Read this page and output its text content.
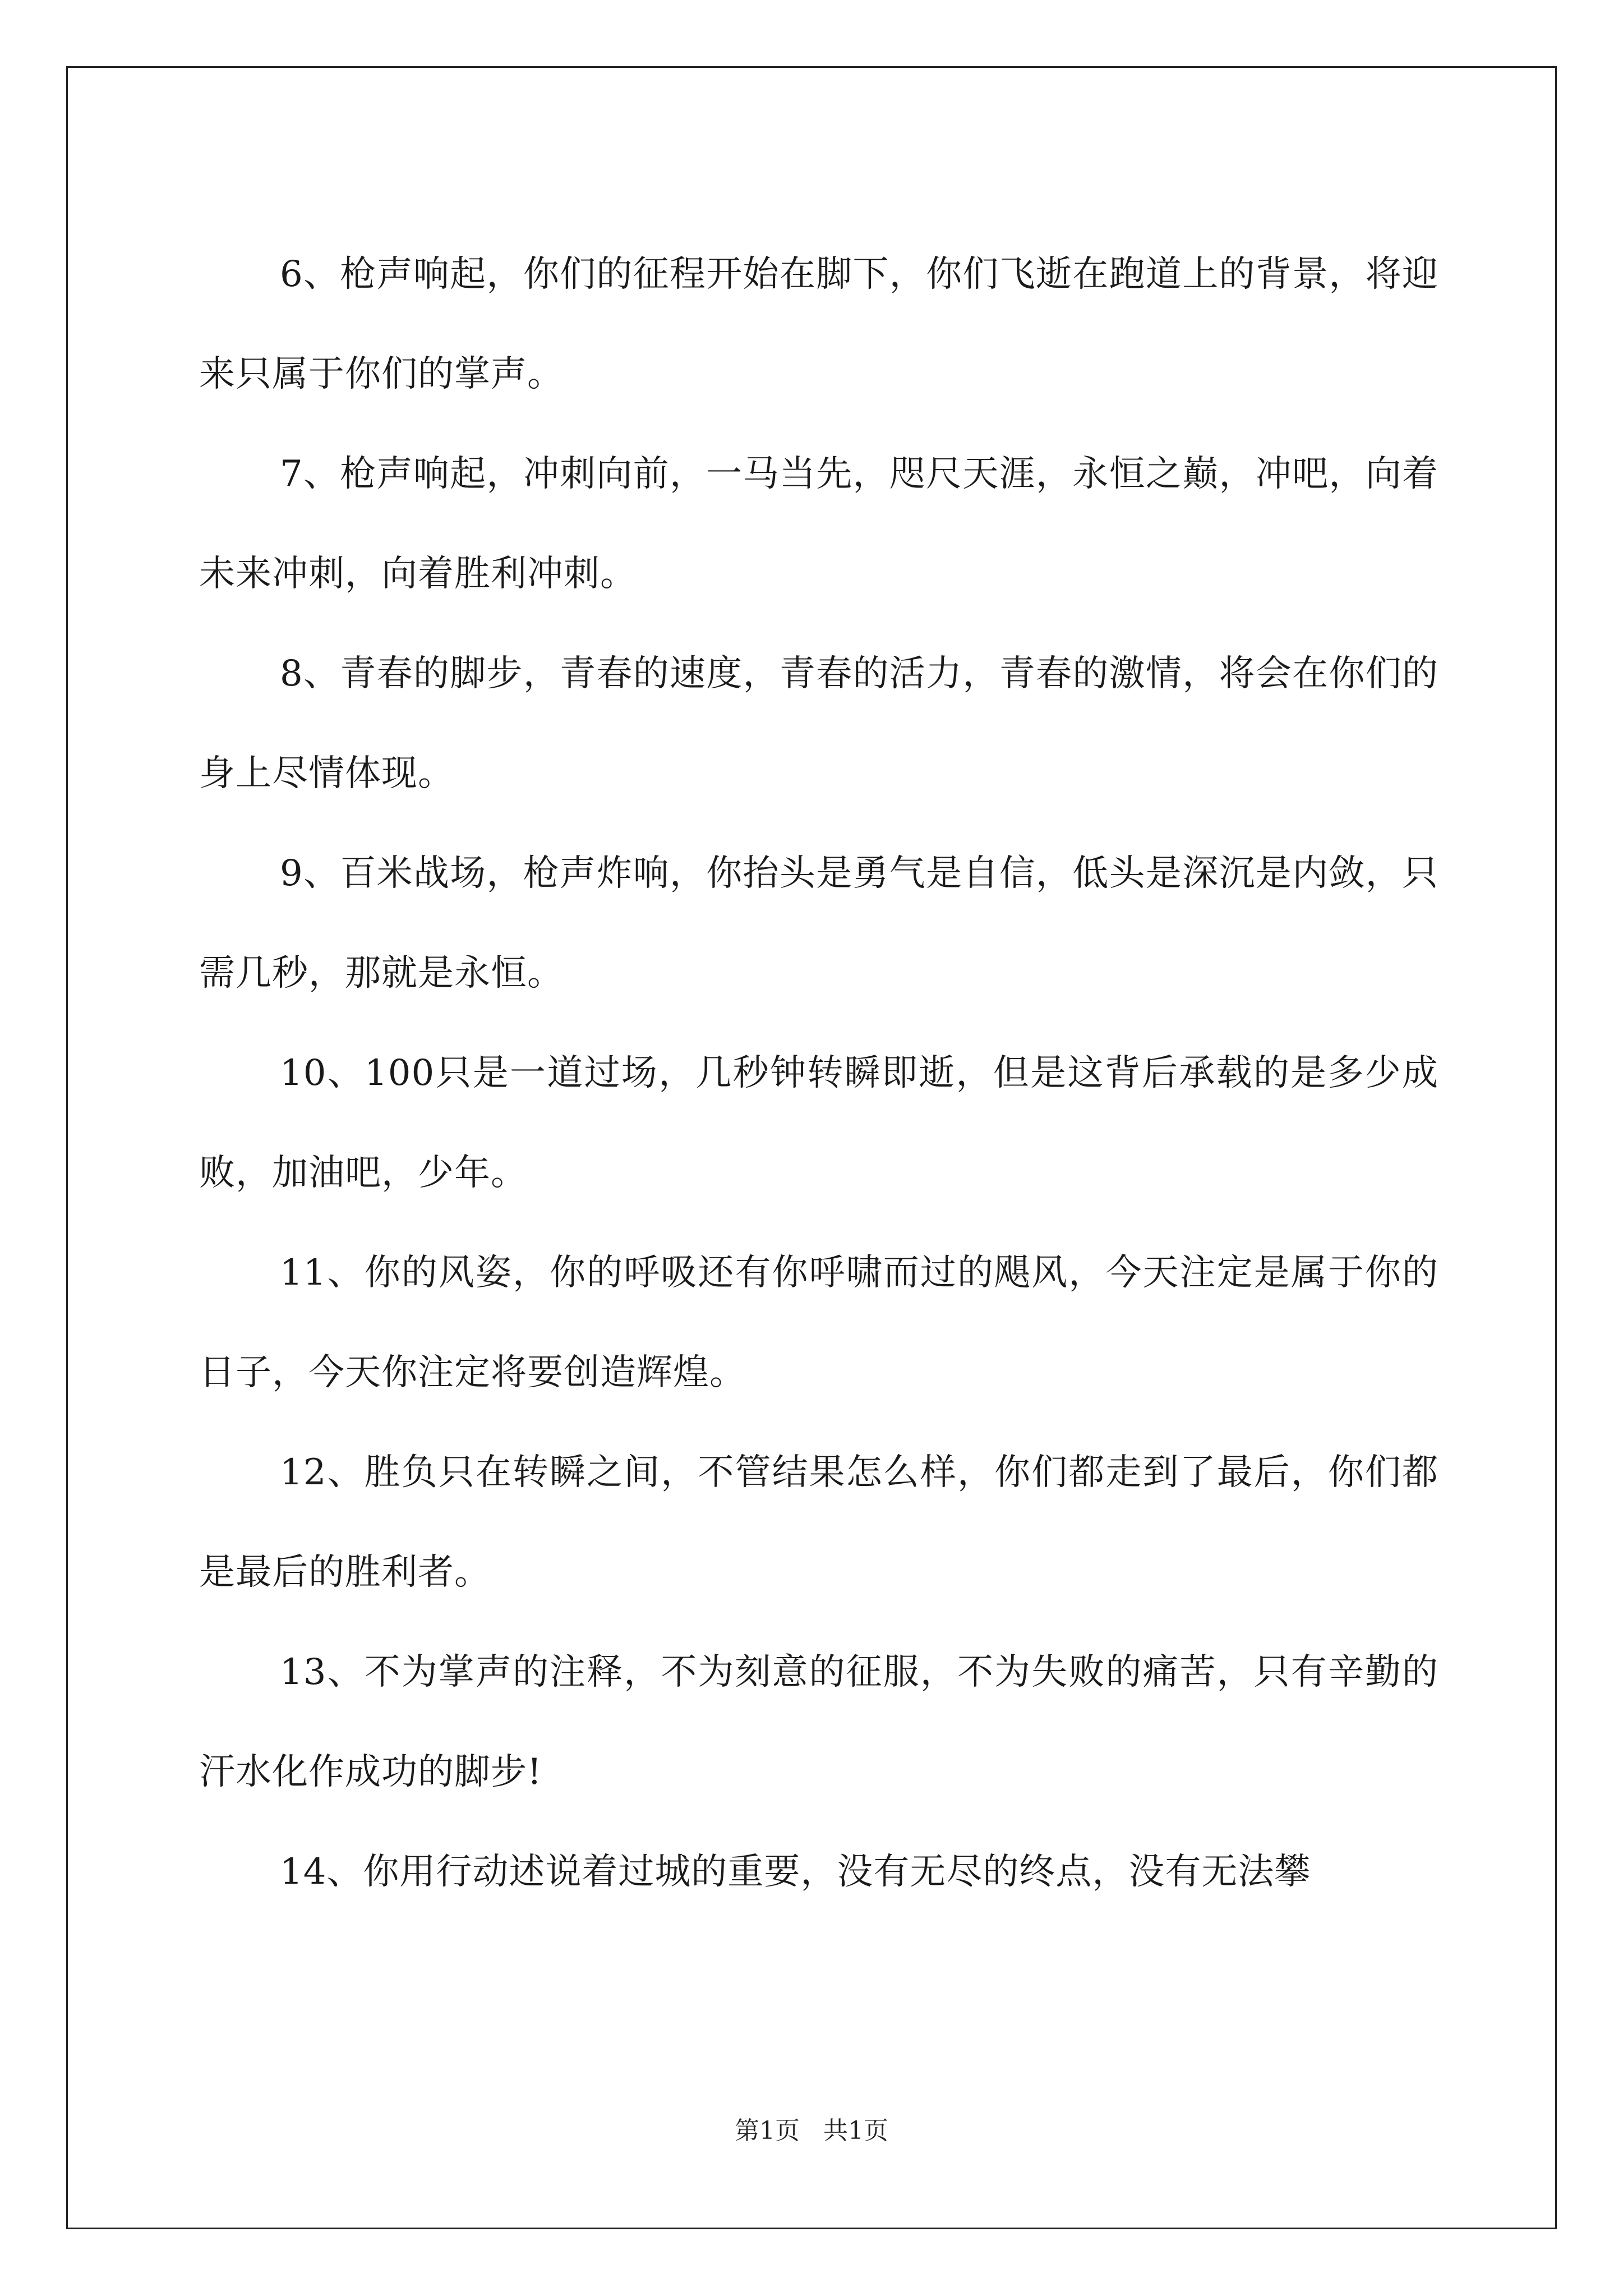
6、枪声响起，你们的征程开始在脚下，你们飞逝在跑道上的背景，将迎来只属于你们的掌声。

7、枪声响起，冲刺向前，一马当先，咫尺天涯，永恒之巅，冲吧，向着未来冲刺，向着胜利冲刺。

8、青春的脚步，青春的速度，青春的活力，青春的激情，将会在你们的身上尽情体现。

9、百米战场，枪声炸响，你抬头是勇气是自信，低头是深沉是内敛，只需几秒，那就是永恒。

10、100只是一道过场，几秒钟转瞬即逝，但是这背后承载的是多少成败，加油吧，少年。

11、你的风姿，你的呼吸还有你呼啸而过的飓风，今天注定是属于你的日子，今天你注定将要创造辉煌。

12、胜负只在转瞬之间，不管结果怎么样，你们都走到了最后，你们都是最后的胜利者。

13、不为掌声的注释，不为刻意的征服，不为失败的痛苦，只有辛勤的汗水化作成功的脚步!

14、你用行动述说着过城的重要，没有无尽的终点，没有无法攀

第1页 共1页
